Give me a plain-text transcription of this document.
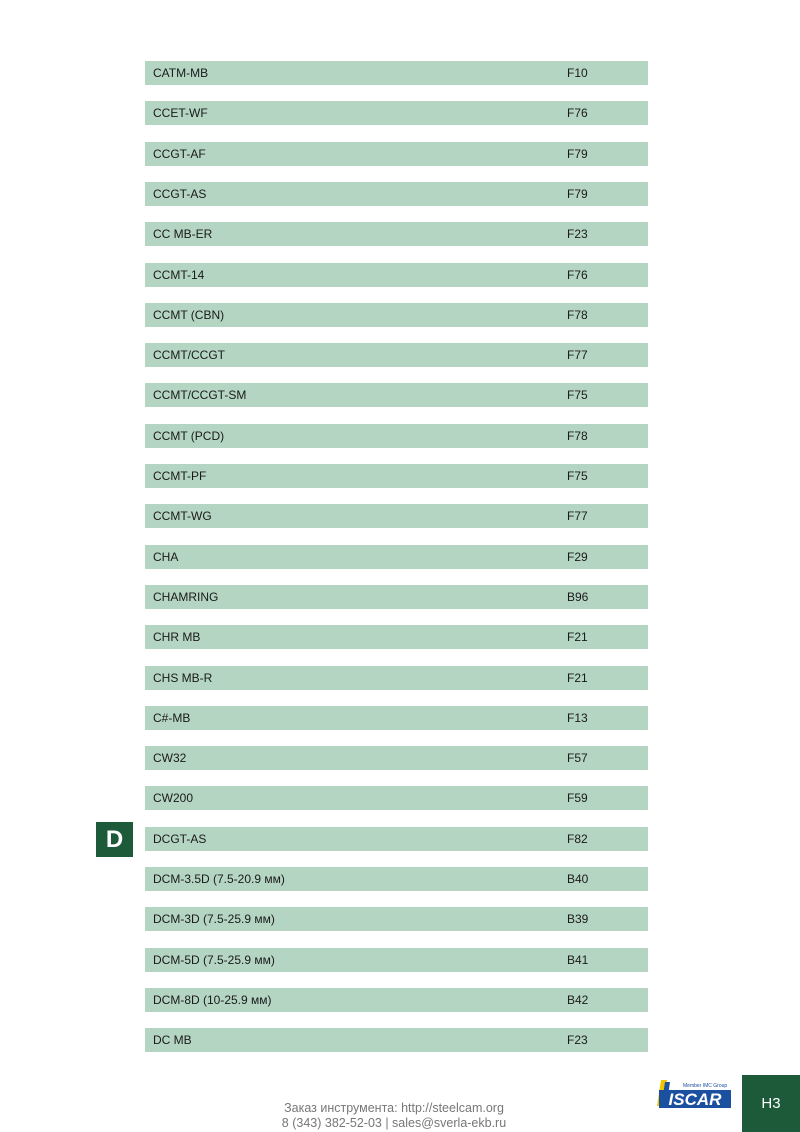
CATM-MB	F10
CCET-WF	F76
CCGT-AF	F79
CCGT-AS	F79
CC MB-ER	F23
CCMT-14	F76
CCMT (CBN)	F78
CCMT/CCGT	F77
CCMT/CCGT-SM	F75
CCMT (PCD)	F78
CCMT-PF	F75
CCMT-WG	F77
CHA	F29
CHAMRING	B96
CHR MB	F21
CHS MB-R	F21
C#-MB	F13
CW32	F57
CW200	F59
DCGT-AS	F82
DCM-3.5D (7.5-20.9 мм)	B40
DCM-3D (7.5-25.9 мм)	B39
DCM-5D (7.5-25.9 мм)	B41
DCM-8D (10-25.9 мм)	B42
DC MB	F23
D
Заказ инструмента: http://steelcam.org
8 (343) 382-52-03 | sales@sverla-ekb.ru
Member IMC Group
ISCAR	H3
